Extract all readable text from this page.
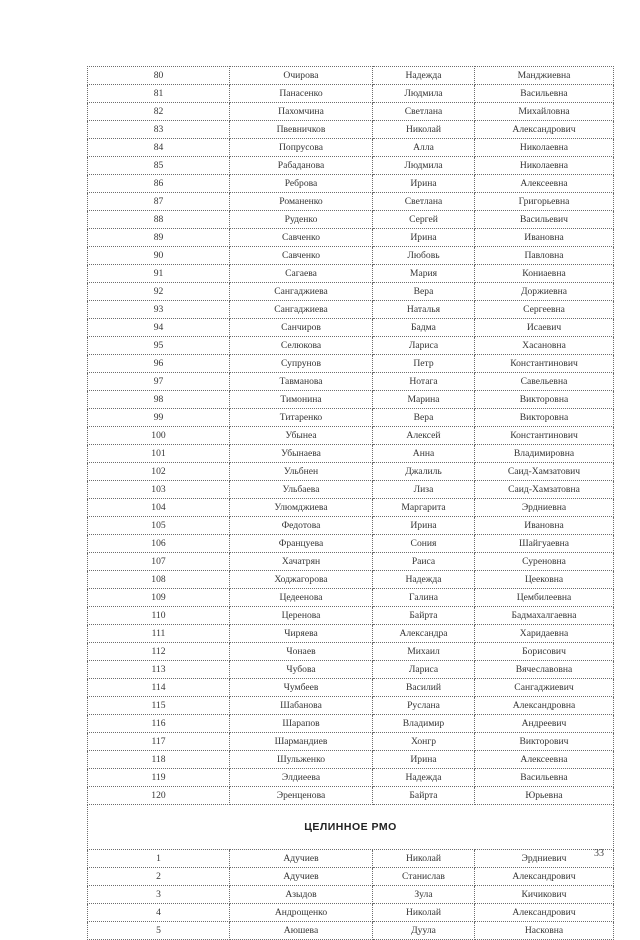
80	Очирова	Надежда	Манджиевна
81	Панасенко	Людмила	Васильевна
82	Пахомчина	Светлана	Михайловна
83	Пвевничков	Николай	Александрович
84	Попрусова	Алла	Николаевна
85	Рабаданова	Людмила	Николаевна
86	Реброва	Ирина	Алексеевна
87	Романенко	Светлана	Григорьевна
88	Руденко	Сергей	Васильевич
89	Савченко	Ирина	Ивановна
90	Савченко	Любовь	Павловна
91	Сагаева	Мария	Кониаевна
92	Сангаджиева	Вера	Доржиевна
93	Сангаджиева	Наталья	Сергеевна
94	Санчиров	Бадма	Исаевич
95	Селюкова	Лариса	Хасановна
96	Супрунов	Петр	Константинович
97	Тавманова	Нотага	Савельевна
98	Тимонина	Марина	Викторовна
99	Титаренко	Вера	Викторовна
100	Убынеа	Алексей	Константинович
101	Убынаева	Анна	Владимировна
102	Ульбнен	Джалиль	Саид-Хамзатович
103	Ульбаева	Лиза	Саид-Хамзатовна
104	Улюмджиева	Маргарита	Эрдниевна
105	Федотова	Ирина	Ивановна
106	Француева	Сония	Шайгуаевна
107	Хачатрян	Раиса	Суреновна
108	Ходжагорова	Надежда	Цеековна
109	Цедеенова	Галина	Цембилеевна
110	Церенова	Байрта	Бадмахалгаевна
111	Чиряева	Александра	Харидаевна
112	Чонаев	Михаил	Борисович
113	Чубова	Лариса	Вячеславовна
114	Чумбеев	Василий	Сангаджиевич
115	Шабанова	Руслана	Александровна
116	Шарапов	Владимир	Андреевич
117	Шармандиев	Хонгр	Викторович
118	Шульженко	Ирина	Алексеевна
119	Элдиеева	Надежда	Васильевна
120	Эренценова	Байрта	Юрьевна
ЦЕЛИННОЕ РМО			
1	Адучиев	Николай	Эрдниевич
2	Адучиев	Станислав	Александрович
3	Азыдов	Зула	Кичикович
4	Андрощенко	Николай	Александрович
5	Аюшева	Дуула	Насковна
33
